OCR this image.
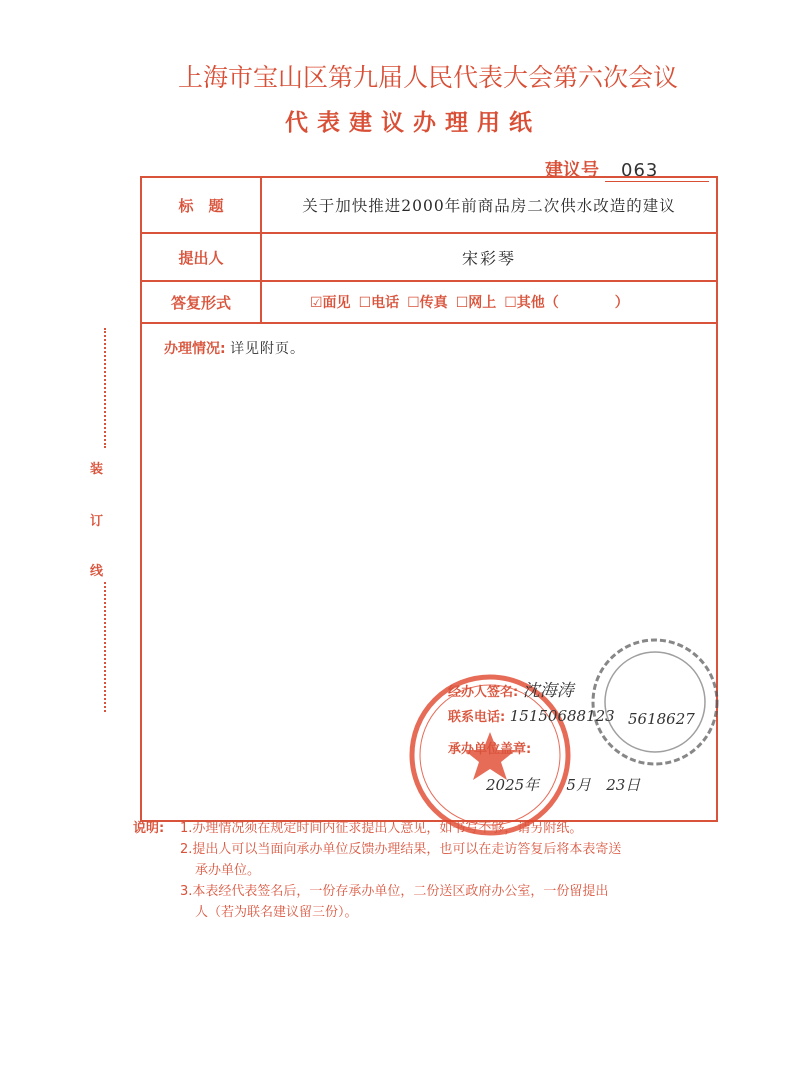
上海市宝山区第九届人民代表大会第六次会议
代表建议办理用纸
建议号 063
装
订
线
标　题	关于加快推进2000年前商品房二次供水改造的建议
提出人	宋彩琴
答复形式	☑面见 ☐电话 ☐传真 ☐网上 ☐其他（　　　　）
办理情况: 详见附页。
经办人签名: 沈海涛
联系电话: 15150688123
承办单位盖章:
5618627
2025年 5月 23日
说明: 1.办理情况须在规定时间内征求提出人意见，如书写不够，请另附纸。
2.提出人可以当面向承办单位反馈办理结果，也可以在走访答复后将本表寄送
承办单位。
3.本表经代表签名后，一份存承办单位，二份送区政府办公室，一份留提出
人（若为联名建议留三份）。
